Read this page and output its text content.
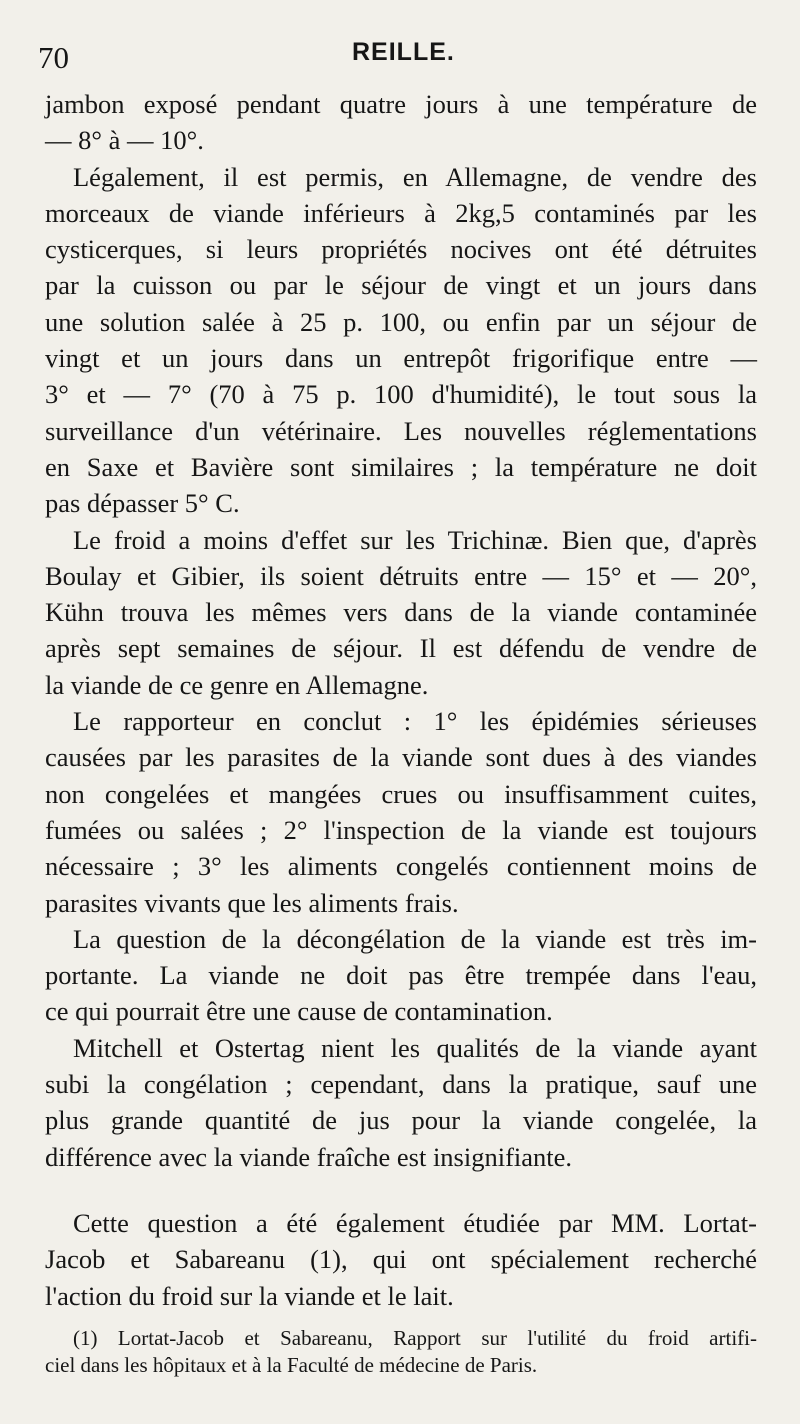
70	REILLE.
jambon exposé pendant quatre jours à une température de
— 8° à — 10°.
Légalement, il est permis, en Allemagne, de vendre des
morceaux de viande inférieurs à 2kg,5 contaminés par les
cysticerques, si leurs propriétés nocives ont été détruites
par la cuisson ou par le séjour de vingt et un jours dans
une solution salée à 25 p. 100, ou enfin par un séjour de
vingt et un jours dans un entrepôt frigorifique entre —
3° et — 7° (70 à 75 p. 100 d'humidité), le tout sous la
surveillance d'un vétérinaire. Les nouvelles réglementations
en Saxe et Bavière sont similaires ; la température ne doit
pas dépasser 5° C.
Le froid a moins d'effet sur les Trichinæ. Bien que, d'après
Boulay et Gibier, ils soient détruits entre — 15° et — 20°,
Kühn trouva les mêmes vers dans de la viande contaminée
après sept semaines de séjour. Il est défendu de vendre de
la viande de ce genre en Allemagne.
Le rapporteur en conclut : 1° les épidémies sérieuses
causées par les parasites de la viande sont dues à des viandes
non congelées et mangées crues ou insuffisamment cuites,
fumées ou salées ; 2° l'inspection de la viande est toujours
nécessaire ; 3° les aliments congelés contiennent moins de
parasites vivants que les aliments frais.
La question de la décongélation de la viande est très im-
portante. La viande ne doit pas être trempée dans l'eau,
ce qui pourrait être une cause de contamination.
Mitchell et Ostertag nient les qualités de la viande ayant
subi la congélation ; cependant, dans la pratique, sauf une
plus grande quantité de jus pour la viande congelée, la
différence avec la viande fraîche est insignifiante.
Cette question a été également étudiée par MM. Lortat-
Jacob et Sabareanu (1), qui ont spécialement recherché
l'action du froid sur la viande et le lait.
(1) Lortat-Jacob et Sabareanu, Rapport sur l'utilité du froid artifi-
ciel dans les hôpitaux et à la Faculté de médecine de Paris.
